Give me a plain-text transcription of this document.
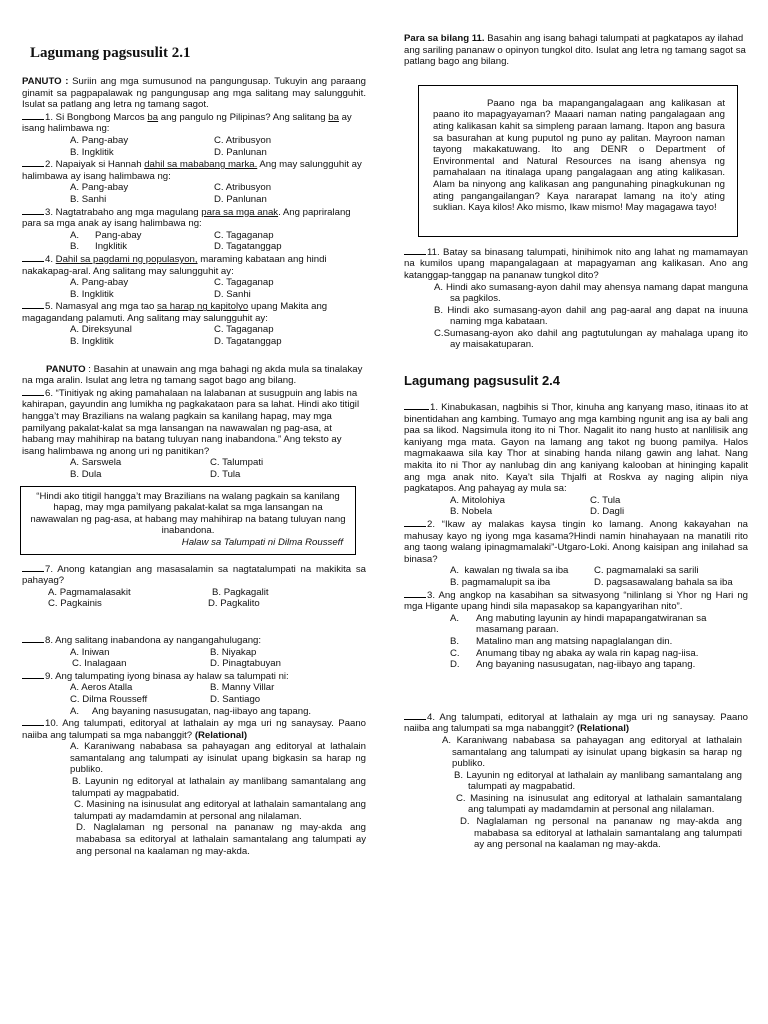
Lagumang pagsusulit 2.1

PANUTO : Suriin ang mga sumusunod na pangungusap. Tukuyin ang paraang ginamit sa pagpapalawak ng pangungusap ang mga salitang may salungguhit. Isulat sa patlang ang letra ng tamang sagot.

1. Si Bongbong Marcos ba ang pangulo ng Pilipinas? Ang salitang ba ay isang halimbawa ng:

A. Pang-abay	C. Atribusyon
B. Ingklitik	D. Panlunan

2. Napaiyak si Hannah dahil sa mababang marka. Ang may salungguhit ay halimbawa ay isang halimbawa ng:

A. Pang-abay	C. Atribusyon
B. Sanhi	D. Panlunan

3. Nagtatrabaho ang mga magulang para sa mga anak. Ang papriralang para sa mga anak ay isang halimbawa ng:

A.      Pang-abay	C. Tagaganap
B.      Ingklitik	D. Tagatanggap

4. Dahil sa pagdami ng populasyon, maraming kabataan ang hindi nakakapag-aral. Ang salitang may salungguhit ay:

A. Pang-abay	C. Tagaganap
B. Ingklitik	D. Sanhi

5. Namasyal ang mga tao sa harap ng kapitolyo upang Makita ang magagandang palamuti. Ang salitang may salungguhit ay:

A. Direksyunal	C. Tagaganap
B. Ingklitik	D. Tagatanggap

PANUTO : Basahin at unawain ang mga bahagi ng akda mula sa tinalakay na mga aralin. Isulat ang letra ng tamang sagot bago ang bilang.

6. “Tinitiyak ng aking pamahalaan na lalabanan at susugpuin ang labis na kahirapan, gayundin ang lumikha ng pagkakataon para sa lahat. Hindi ako titigil hangga’t may Brazilians na walang pagkain sa kanilang hapag, may mga pamilyang pakalat-kalat sa mga lansangan na nawawalan ng pag-asa, at habang may mahihirap na batang tuluyan nang inabandona.” Ang teksto ay isang halimbawa ng anong uri ng panitikan?

A. Sarswela	C. Talumpati
B. Dula	D. Tula

“Hindi ako titigil hangga’t may Brazilians na walang pagkain sa kanilang hapag, may mga pamilyang pakalat-kalat sa mga lansangan na nawawalan ng pag-asa, at habang may mahihirap na batang tuluyan nang inabandona.

Halaw sa Talumpati ni Dilma Rousseff

7. Anong katangian ang masasalamin sa nagtatalumpati na makikita sa pahayag?

A. Pagmamalasakit	B. Pagkagalit
C. Pagkainis	D. Pagkalito

8. Ang salitang inabandona ay nangangahulugang:

A. Iniwan	B. Niyakap
C. Inalagaan	D. Pinagtabuyan

9. Ang talumpating iyong binasa ay halaw sa talumpati ni:

A. Aeros Atalla	B. Manny Villar
C. Dilma Rousseff	D. Santiago

A.     Ang bayaning nasusugatan, nag-iibayo ang tapang.

10. Ang talumpati, editoryal at lathalain ay mga uri ng sanaysay. Paano naiiba ang talumpati sa mga nabanggit? (Relational)

A. Karaniwang nababasa sa pahayagan ang editoryal at lathalain samantalang ang talumpati ay isinulat upang bigkasin sa harap ng publiko.

B. Layunin ng editoryal at lathalain ay manlibang samantalang ang talumpati ay magpabatid.

C. Masining na isinusulat ang editoryal at lathalain samantalang ang talumpati ay madamdamin at personal ang nilalaman.

D. Naglalaman ng personal na pananaw ng may-akda ang mababasa sa editoryal at lathalain samantalang ang talumpati ay ang personal na kaalaman ng may-akda.

Para sa bilang 11. Basahin ang isang bahagi talumpati at pagkatapos ay ilahad ang sariling pananaw o opinyon tungkol dito. Isulat ang letra ng tamang sagot sa patlang bago ang bilang.

Paano nga ba mapangangalagaan ang kalikasan at paano ito mapagyayaman? Maaari naman nating pangalagaan ang ating kalikasan kahit sa simpleng paraan lamang. Itapon ang basura sa basurahan at kung puputol ng puno ay palitan. Mayroon naman tayong makakatuwang. Ito ang DENR o Department of Environmental and Natural Resources na isang ahensya ng pamahalaan na itinalaga upang pangalagaan ang ating kalikasan. Alam ba ninyong ang kalikasan ang pangunahing pinagkukunan ng ating pangangailangan? Kaya nararapat lamang na ito’y ating suklian. Kaya kilos! Ako mismo, Ikaw mismo! May magagawa tayo!

11. Batay sa binasang talumpati, hinihimok nito ang lahat ng mamamayan na kumilos upang mapangalagaan at mapagyaman ang kalikasan. Ano ang katanggap-tanggap na pananaw tungkol dito?

A. Hindi ako sumasang-ayon dahil may ahensya namang dapat manguna sa pagkilos.

B. Hindi ako sumasang-ayon dahil ang pag-aaral ang dapat na inuuna naming mga kabataan.

C.Sumasang-ayon ako dahil ang pagtutulungan ay mahalaga upang ito ay maisakatuparan.

Lagumang pagsusulit 2.4

1. Kinabukasan, nagbihis si Thor, kinuha ang kanyang maso, itinaas ito at binentidahan ang kambing. Tumayo ang mga kambing ngunit ang isa ay bali ang paa sa likod. Nagsimula itong ito ni Thor. Nagalit ito nang husto at nanlilisik ang kaniyang mga mata. Gayon na lamang ang takot ng buong pamilya. Halos magmakaawa sila kay Thor at sinabing handa nilang gawin ang lahat. Nang makita ito ni Thor ay nanlubag din ang kaniyang kalooban at hininging kapalit ang mga anak nito. Kaya’t sila Thjalfi at Roskva ay naging alipin niya pagkatapos. Ang pahayag ay mula sa:

A. Mitolohiya	C. Tula
B. Nobela	D. Dagli

2. “Ikaw ay malakas kaysa tingin ko lamang. Anong kakayahan na mahusay kayo ng iyong mga kasama?Hindi namin hinahayaan na manatili rito ang taong walang ipinagmamalaki”-Utgaro-Loki. Anong kaisipan ang inilahad sa binasa?

A.  kawalan ng tiwala sa iba	C. pagmamalaki sa sarili
B. pagmamalupit sa iba	D. pagsasawalang bahala sa iba

3. Ang angkop na kasabihan sa sitwasyong “nilinlang si Yhor ng Hari ng mga Higante upang hindi sila mapasakop sa kapangyarihan nito”.

A.	Ang mabuting layunin ay hindi mapapangatwiranan sa masamang paraan.
B.	Matalino man ang matsing napaglalangan din.
C.	Anumang tibay ng abaka ay wala rin kapag nag-iisa.
D.	Ang bayaning nasusugatan, nag-iibayo ang tapang.

4. Ang talumpati, editoryal at lathalain ay mga uri ng sanaysay. Paano naiiba ang talumpati sa mga nabanggit? (Relational)

A. Karaniwang nababasa sa pahayagan ang editoryal at lathalain samantalang ang talumpati ay isinulat upang bigkasin sa harap ng publiko.

B. Layunin ng editoryal at lathalain ay manlibang samantalang ang talumpati ay magpabatid.

C. Masining na isinusulat ang editoryal at lathalain samantalang ang talumpati ay madamdamin at personal ang nilalaman.

D. Naglalaman ng personal na pananaw ng may-akda ang mababasa sa editoryal at lathalain samantalang ang talumpati ay ang personal na kaalaman ng may-akda.
